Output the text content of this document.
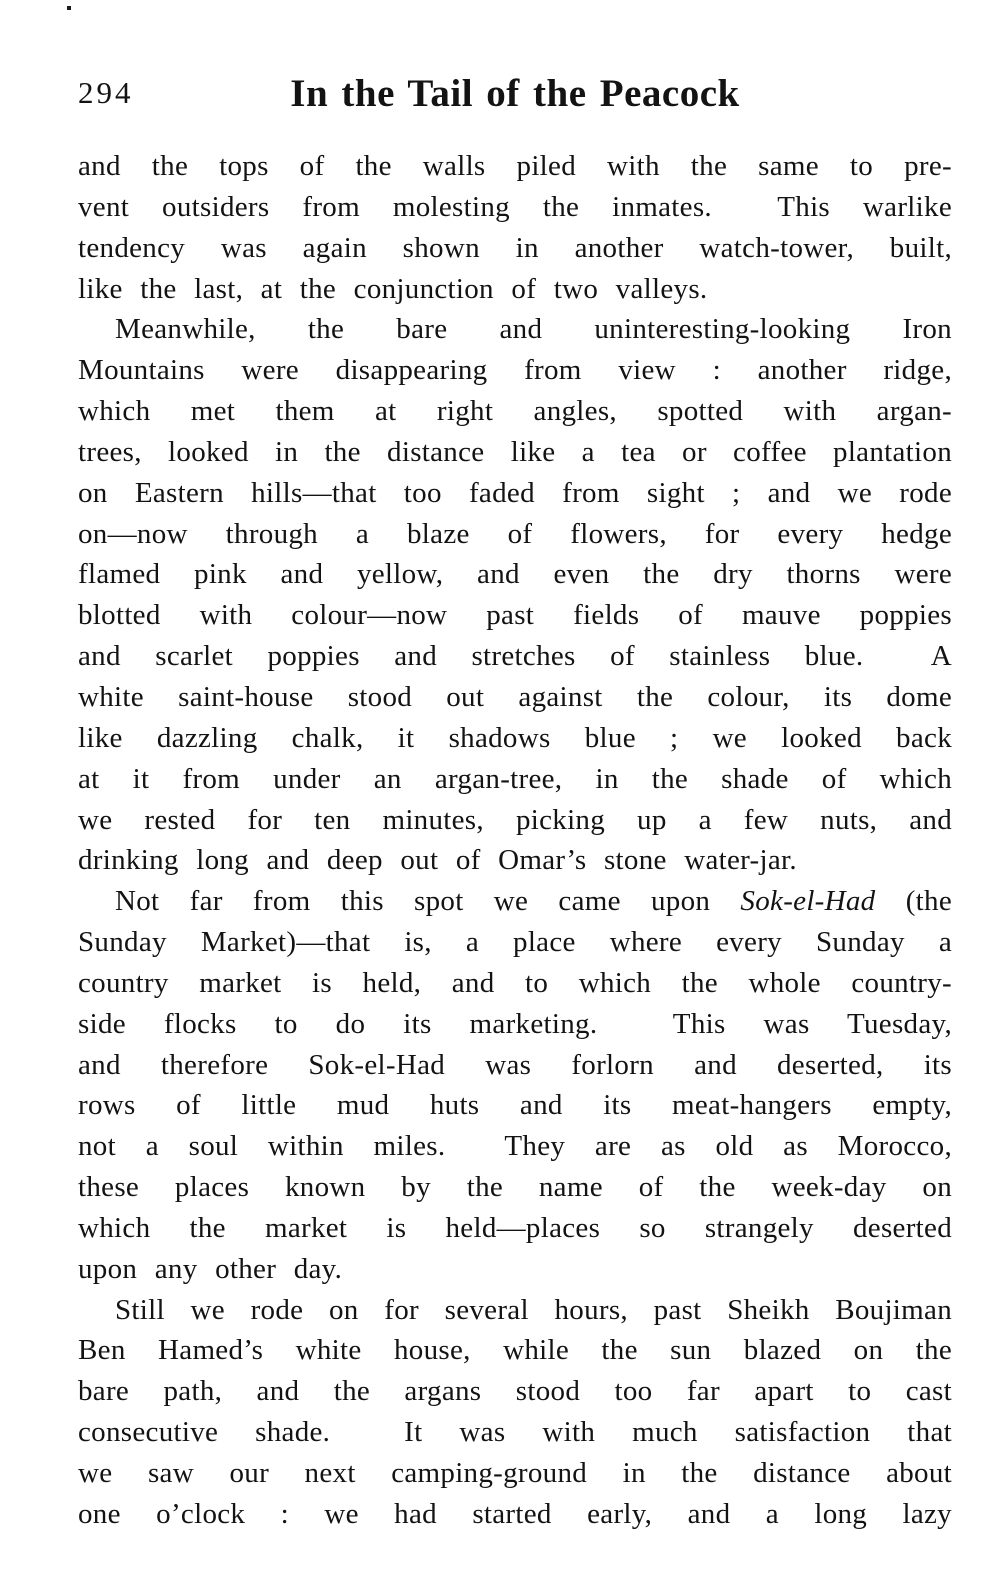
294	In the Tail of the Peacock
and the tops of the walls piled with the same to pre-
vent outsiders from molesting the inmates.  This warlike
tendency was again shown in another watch-tower, built,
like the last, at the conjunction of two valleys.
Meanwhile, the bare and uninteresting-looking Iron
Mountains were disappearing from view : another ridge,
which met them at right angles, spotted with argan-
trees, looked in the distance like a tea or coffee plantation
on Eastern hills—that too faded from sight ; and we rode
on—now through a blaze of flowers, for every hedge
flamed pink and yellow, and even the dry thorns were
blotted with colour—now past fields of mauve poppies
and scarlet poppies and stretches of stainless blue.  A
white saint-house stood out against the colour, its dome
like dazzling chalk, it shadows blue ; we looked back
at it from under an argan-tree, in the shade of which
we rested for ten minutes, picking up a few nuts, and
drinking long and deep out of Omar’s stone water-jar.
Not far from this spot we came upon Sok-el-Had (the
Sunday Market)—that is, a place where every Sunday a
country market is held, and to which the whole country-
side flocks to do its marketing.  This was Tuesday,
and therefore Sok-el-Had was forlorn and deserted, its
rows of little mud huts and its meat-hangers empty,
not a soul within miles.  They are as old as Morocco,
these places known by the name of the week-day on
which the market is held—places so strangely deserted
upon any other day.
Still we rode on for several hours, past Sheikh Boujiman
Ben Hamed’s white house, while the sun blazed on the
bare path, and the argans stood too far apart to cast
consecutive shade.  It was with much satisfaction that
we saw our next camping-ground in the distance about
one o’clock : we had started early, and a long lazy
